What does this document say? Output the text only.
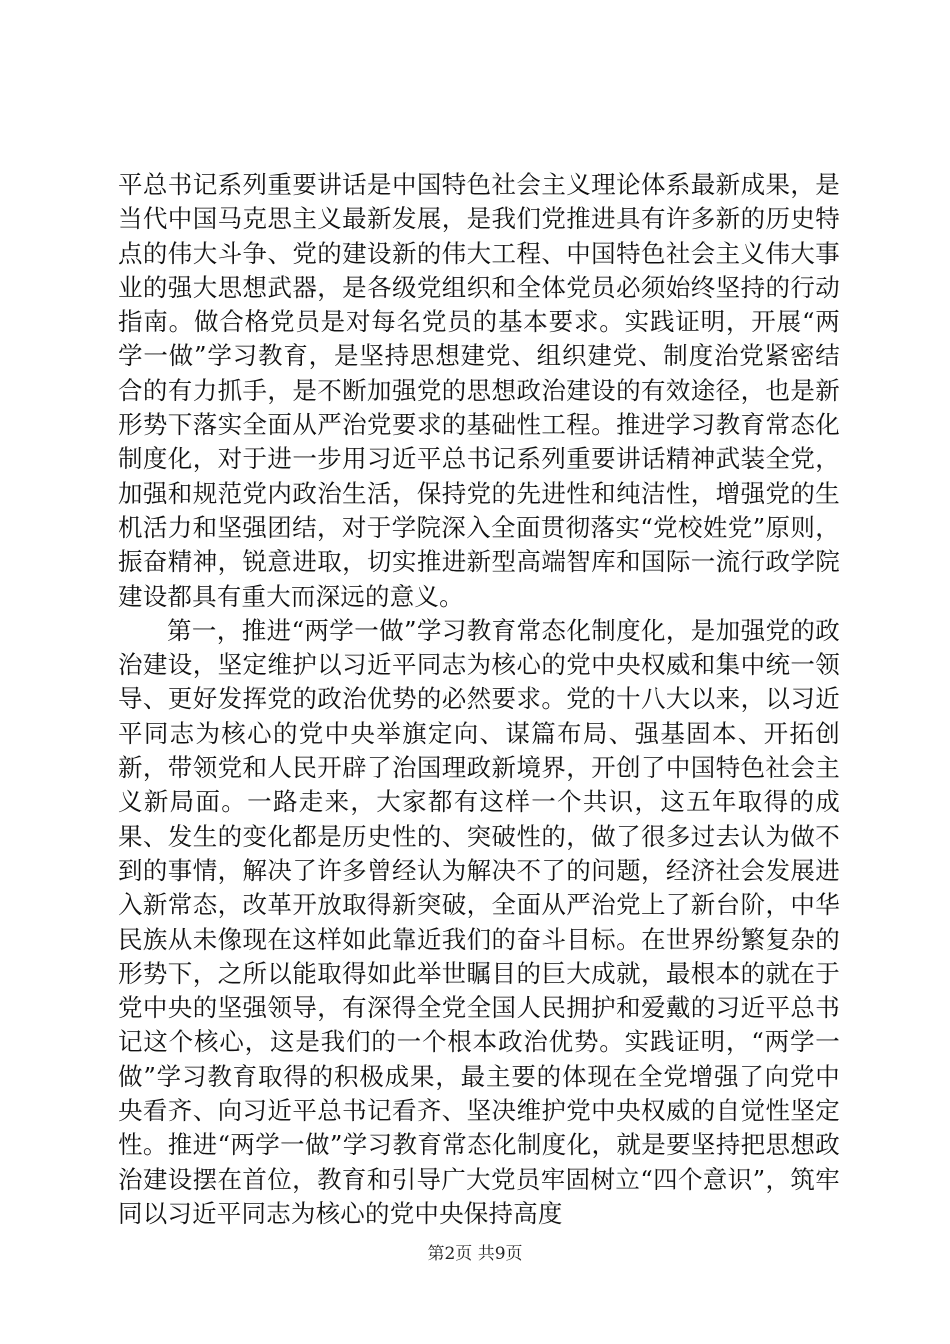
平总书记系列重要讲话是中国特色社会主义理论体系最新成果，是当代中国马克思主义最新发展，是我们党推进具有许多新的历史特点的伟大斗争、党的建设新的伟大工程、中国特色社会主义伟大事业的强大思想武器，是各级党组织和全体党员必须始终坚持的行动指南。做合格党员是对每名党员的基本要求。实践证明，开展“两学一做”学习教育，是坚持思想建党、组织建党、制度治党紧密结合的有力抓手，是不断加强党的思想政治建设的有效途径，也是新形势下落实全面从严治党要求的基础性工程。推进学习教育常态化制度化，对于进一步用习近平总书记系列重要讲话精神武装全党，加强和规范党内政治生活，保持党的先进性和纯洁性，增强党的生机活力和坚强团结，对于学院深入全面贯彻落实“党校姓党”原则，振奋精神，锐意进取，切实推进新型高端智库和国际一流行政学院建设都具有重大而深远的意义。

第一，推进“两学一做”学习教育常态化制度化，是加强党的政治建设，坚定维护以习近平同志为核心的党中央权威和集中统一领导、更好发挥党的政治优势的必然要求。党的十八大以来，以习近平同志为核心的党中央举旗定向、谋篇布局、强基固本、开拓创新，带领党和人民开辟了治国理政新境界，开创了中国特色社会主义新局面。一路走来，大家都有这样一个共识，这五年取得的成果、发生的变化都是历史性的、突破性的，做了很多过去认为做不到的事情，解决了许多曾经认为解决不了的问题，经济社会发展进入新常态，改革开放取得新突破，全面从严治党上了新台阶，中华民族从未像现在这样如此靠近我们的奋斗目标。在世界纷繁复杂的形势下，之所以能取得如此举世瞩目的巨大成就，最根本的就在于党中央的坚强领导，有深得全党全国人民拥护和爱戴的习近平总书记这个核心，这是我们的一个根本政治优势。实践证明，“两学一做”学习教育取得的积极成果，最主要的体现在全党增强了向党中央看齐、向习近平总书记看齐、坚决维护党中央权威的自觉性坚定性。推进“两学一做”学习教育常态化制度化，就是要坚持把思想政治建设摆在首位，教育和引导广大党员牢固树立“四个意识”，筑牢同以习近平同志为核心的党中央保持高度

第2页 共9页
